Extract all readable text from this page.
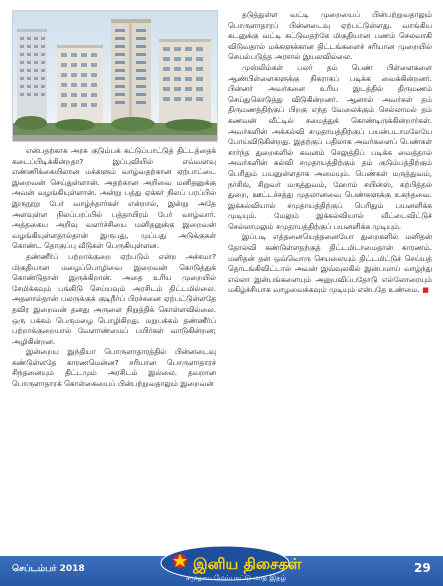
என்பதற்காக அரசு குடும்பக் கட்டுப்பாட்டுத் திட்டத்தைக் கடைப்பிடிக்கின்றதா? இப்புவியில் எவ்வளவு எண்ணிக்கையிலான மக்களும் வாழ்வதற்கான ஏற்பாட்டை இறைவன் செய்துள்ளான். அதற்கான அறிவை மனிதனுக்கு அவன் வழங்கியுள்ளான். அன்று பத்து ஏக்கர் நிலப் பரப்பில் இருநூறு பேர் வாழ்ந்தார்கள் என்றால், இன்று அதே அளவுள்ள நிலப்பரப்பில் பத்தாயிரம் பேர் வாழ்வார். அத்தகைய அறிவு வளர்ச்சியை மனிதனுக்கு இறைவன் வழங்கியுள்ளதால்தான் இருபது, முப்பது அடுக்குகள் கொண்ட தொகுப்பு வீடுகள் பெருகியுள்ளன.

தண்ணீர்ப் பற்றாக்குறை ஏற்படும் என்ற அச்சமா? மிகுதியான மழைப்பொழிவை இறைவன் கொடுத்துக் கொண்டுதான் இருக்கிறான். அதை உரிய முறையில் சேமிக்கவும் பங்கிடு செய்யவும் அரசிடம் திட்டமில்லை. அதனால்தான் பலருக்குக் குடிநீர்ப் பிரச்சனை ஏற்பட்டுள்ளதே தவிர இறைவன் தனது அருளை நிறுத்திக் கொள்ளவில்லை. ஒரு பக்கம் பெருமழை பொழிகிறது. மறுபக்கம் தண்ணீர்ப் பற்றாக்குறையால் வேளாண்மைப் பயிர்கள் வாடுகின்றன; அழிகின்றன.

இன்றைய இந்தியா பொருளாதாரத்தில் பின்னடைவு கண்டுள்ளதே காரணமென்ன? சரியான பொருளாதாரச் சிந்தனையும் திட்டமும் அரசிடம் இல்லை. தவறான பொருளாதாரக் கொள்கையைப் பின்பற்றுவதாலும் இறைவன்

தடுத்துள்ள வட்டி முறையைப் பின்பற்றுவதாலும் பொருளாதாரப் பின்னடைவு ஏற்பட்டுள்ளது. வாங்கிய கடனுக்கு வட்டி கட்டுவதற்கே மிகுதியான பணம் செலவாகி விடுவதால் மக்களுக்கான திட்டங்களைச் சரியான முறையில் செயல்படுத்த அரசால் இயலவில்லை.

முஸ்லிம்கள் பலர் தம் பெண் பிள்ளைகளை ஆண்பிள்ளைகளுக்கு நிகராகப் படிக்க வைக்கின்றனர். பின்னர் அவர்களை உரிய இடத்தில் திருமணம் செய்துகொடுத்து விடுகின்றனர். ஆனால் அவர்கள் தம் திருமணத்திற்குப் பிறகு எந்த வேலைக்கும் செல்லாமல் தம் கணவன் வீட்டில் சமைத்துக் கொண்டிருக்கின்றார்கள். அவர்களின் அக்கல்வி சமுதாயத்திற்குப் பயன்படாமலேயே போய்விடுகின்றது. இதற்குப் பதிலாக அவர்களைப் பெண்கள் சார்ந்த துறைகளில் கவனம் செலுத்திப் படிக்க வைத்தால் அவர்களின் கல்வி சமுதாயத்திற்கும் தம் குடும்பத்திற்கும் பெரிதும் பயனுள்ளதாக அமையும். பெண்கள் மருத்துவம், நர்சிங், சிறுவர் மருத்துவம், ஹோம் சயின்ஸ், கற்பித்தல் துறை, ஊட்டச்சத்து முதலானவை பெண்களுக்கு உகந்தவை. இக்கல்வியால் சமுதாயத்திற்குப் பெரிதும் பயனளிக்க முடியும். மேலும் இக்கல்வியால் வீட்டைவிட்டுச் செல்லாமலும் சமுதாயத்திற்குப் பயனளிக்க முடியும்.

இப்படி எத்தனையெத்தனையோ துறைகளில் மனிதன் தோல்வி கண்டுள்ளதற்குத் திட்டமிடாமைதான் காரணம். மனிதன் தன் ஒவ்வொரு செயலையும் திட்டமிட்டுச் செய்யத் தொடங்கிவிட்டால் அவன் இவ்வுலகில் இன்பமாய் வாழ்ந்து எல்லா இன்பங்களையும் அனுபவிப்பதோடு எல்லோரையும் மகிழ்ச்சியாக வாழவைக்கவும் முடியும் என்பதே உண்மை. ■

செப்டம்பர் 2018	இனிய திசைகள்
சமுதாய மேம்பாட்டு மாத இதழ்
29
